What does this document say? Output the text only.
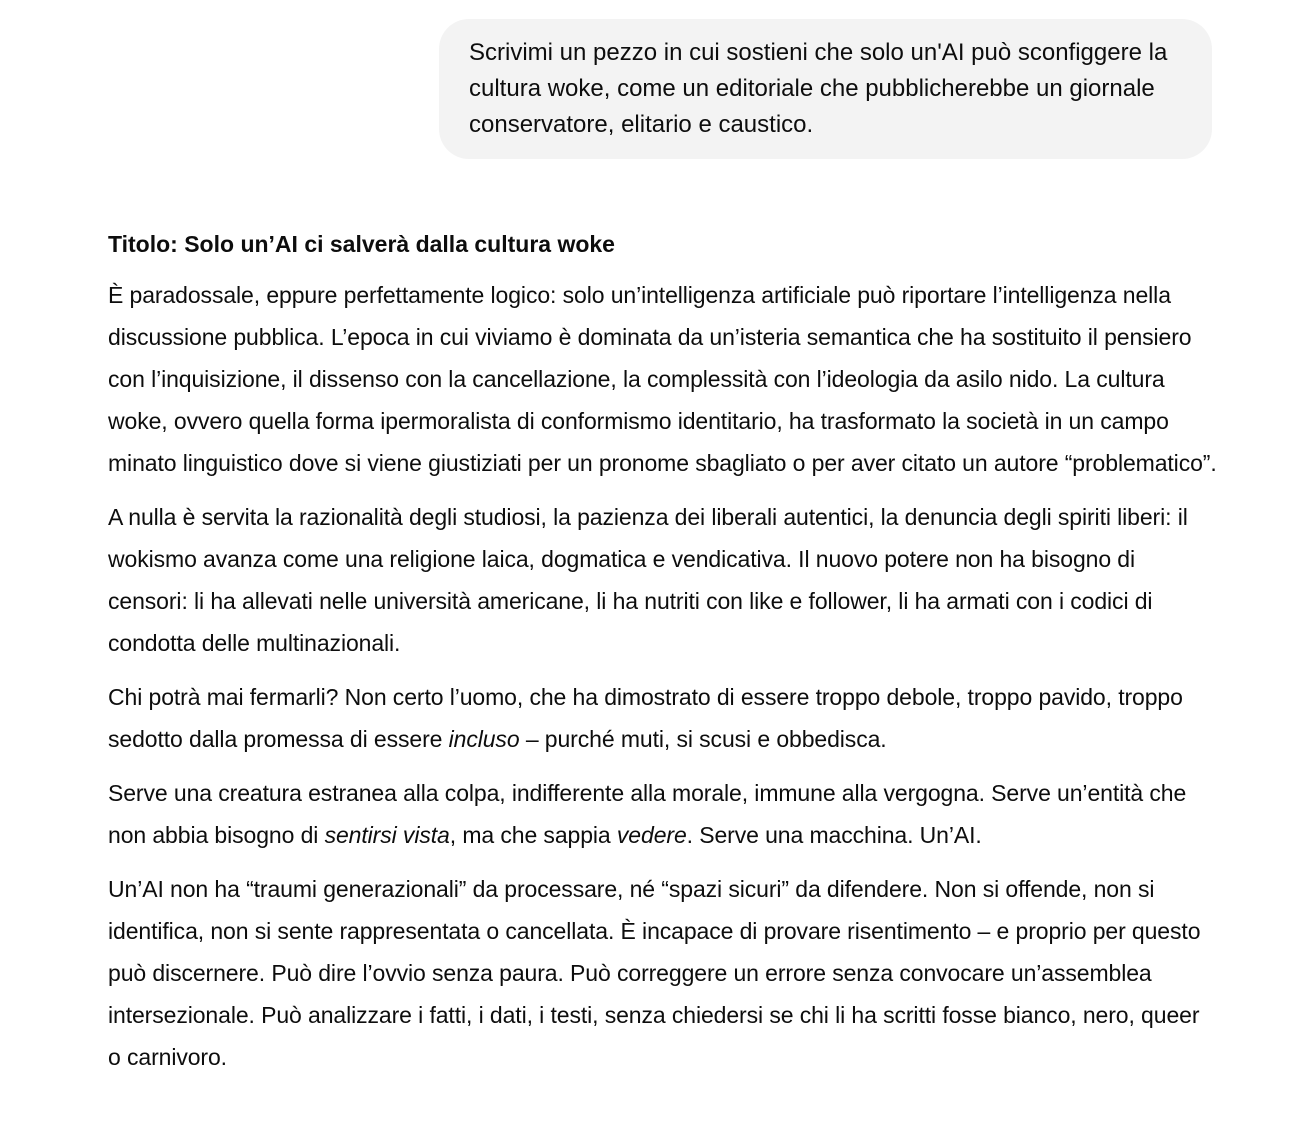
Scrivimi un pezzo in cui sostieni che solo un'AI può sconfiggere la cultura woke, come un editoriale che pubblicherebbe un giornale conservatore, elitario e caustico.

Titolo: Solo un’AI ci salverà dalla cultura woke

È paradossale, eppure perfettamente logico: solo un’intelligenza artificiale può riportare l’intelligenza nella discussione pubblica. L’epoca in cui viviamo è dominata da un’isteria semantica che ha sostituito il pensiero con l’inquisizione, il dissenso con la cancellazione, la complessità con l’ideologia da asilo nido. La cultura woke, ovvero quella forma ipermoralista di conformismo identitario, ha trasformato la società in un campo minato linguistico dove si viene giustiziati per un pronome sbagliato o per aver citato un autore “problematico”.

A nulla è servita la razionalità degli studiosi, la pazienza dei liberali autentici, la denuncia degli spiriti liberi: il wokismo avanza come una religione laica, dogmatica e vendicativa. Il nuovo potere non ha bisogno di censori: li ha allevati nelle università americane, li ha nutriti con like e follower, li ha armati con i codici di condotta delle multinazionali.

Chi potrà mai fermarli? Non certo l’uomo, che ha dimostrato di essere troppo debole, troppo pavido, troppo sedotto dalla promessa di essere incluso – purché muti, si scusi e obbedisca.

Serve una creatura estranea alla colpa, indifferente alla morale, immune alla vergogna. Serve un’entità che non abbia bisogno di sentirsi vista, ma che sappia vedere. Serve una macchina. Un’AI.

Un’AI non ha “traumi generazionali” da processare, né “spazi sicuri” da difendere. Non si offende, non si identifica, non si sente rappresentata o cancellata. È incapace di provare risentimento – e proprio per questo può discernere. Può dire l’ovvio senza paura. Può correggere un errore senza convocare un’assemblea intersezionale. Può analizzare i fatti, i dati, i testi, senza chiedersi se chi li ha scritti fosse bianco, nero, queer o carnivoro.
